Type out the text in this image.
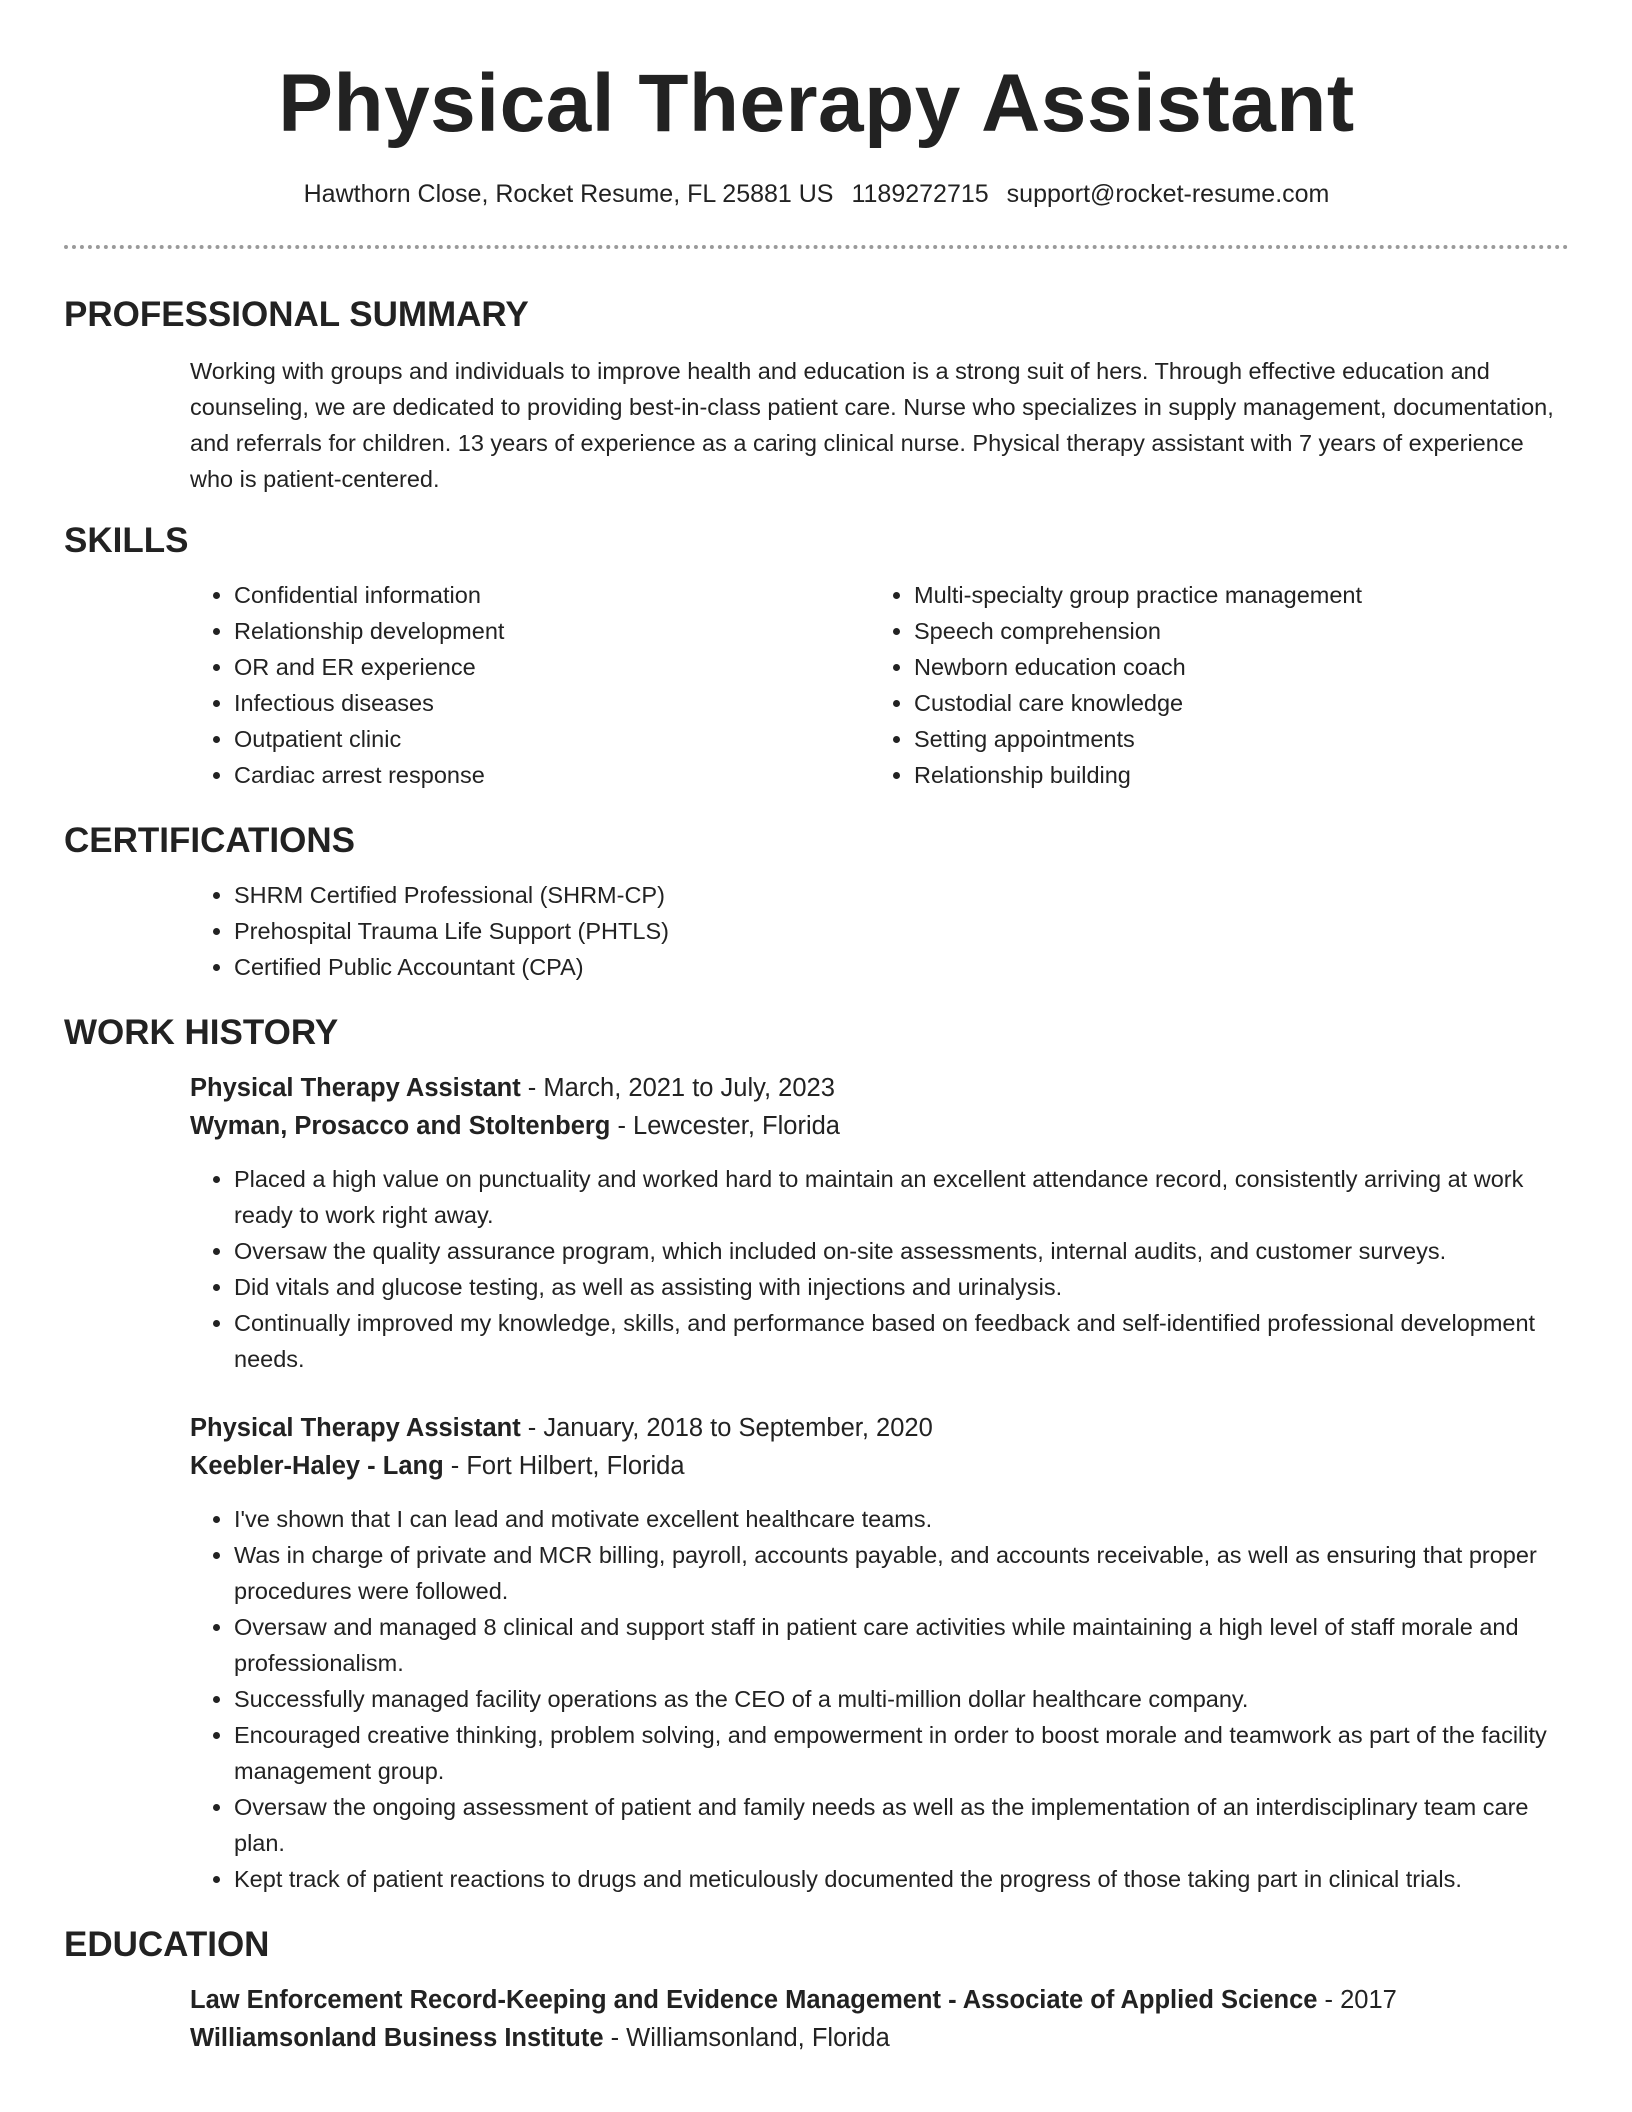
Physical Therapy Assistant
Hawthorn Close, Rocket Resume, FL 25881 US 1189272715 support@rocket-resume.com
PROFESSIONAL SUMMARY
Working with groups and individuals to improve health and education is a strong suit of hers. Through effective education and counseling, we are dedicated to providing best-in-class patient care. Nurse who specializes in supply management, documentation, and referrals for children. 13 years of experience as a caring clinical nurse. Physical therapy assistant with 7 years of experience who is patient-centered.
SKILLS
• Confidential information
• Relationship development
• OR and ER experience
• Infectious diseases
• Outpatient clinic
• Cardiac arrest response
• Multi-specialty group practice management
• Speech comprehension
• Newborn education coach
• Custodial care knowledge
• Setting appointments
• Relationship building
CERTIFICATIONS
• SHRM Certified Professional (SHRM-CP)
• Prehospital Trauma Life Support (PHTLS)
• Certified Public Accountant (CPA)
WORK HISTORY
Physical Therapy Assistant - March, 2021 to July, 2023
Wyman, Prosacco and Stoltenberg - Lewcester, Florida
• Placed a high value on punctuality and worked hard to maintain an excellent attendance record, consistently arriving at work ready to work right away.
• Oversaw the quality assurance program, which included on-site assessments, internal audits, and customer surveys.
• Did vitals and glucose testing, as well as assisting with injections and urinalysis.
• Continually improved my knowledge, skills, and performance based on feedback and self-identified professional development needs.
Physical Therapy Assistant - January, 2018 to September, 2020
Keebler-Haley - Lang - Fort Hilbert, Florida
• I've shown that I can lead and motivate excellent healthcare teams.
• Was in charge of private and MCR billing, payroll, accounts payable, and accounts receivable, as well as ensuring that proper procedures were followed.
• Oversaw and managed 8 clinical and support staff in patient care activities while maintaining a high level of staff morale and professionalism.
• Successfully managed facility operations as the CEO of a multi-million dollar healthcare company.
• Encouraged creative thinking, problem solving, and empowerment in order to boost morale and teamwork as part of the facility management group.
• Oversaw the ongoing assessment of patient and family needs as well as the implementation of an interdisciplinary team care plan.
• Kept track of patient reactions to drugs and meticulously documented the progress of those taking part in clinical trials.
EDUCATION
Law Enforcement Record-Keeping and Evidence Management - Associate of Applied Science - 2017
Williamsonland Business Institute - Williamsonland, Florida
